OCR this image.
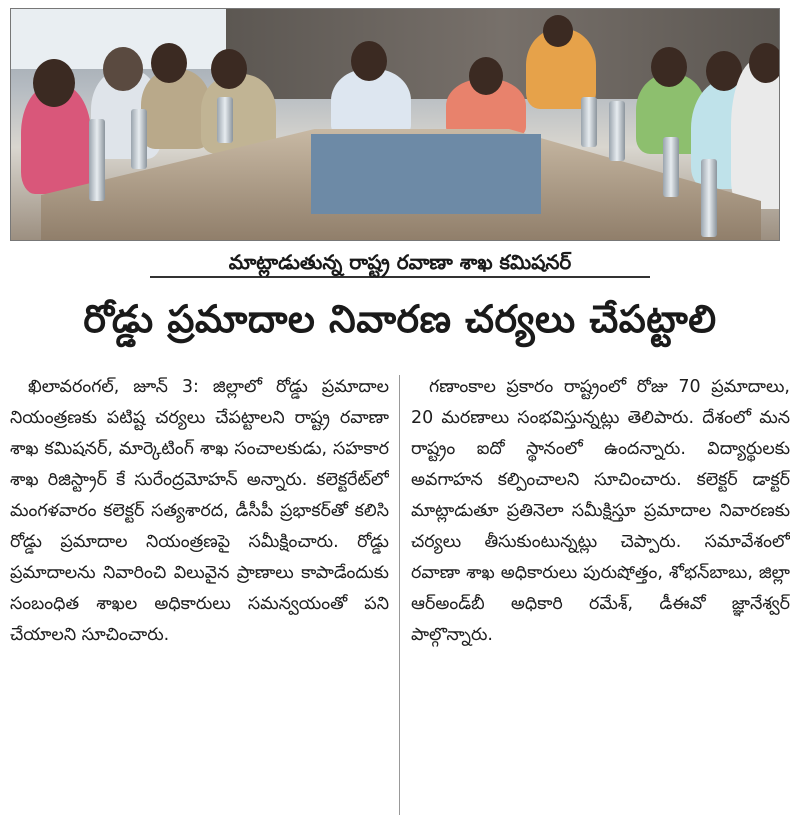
మాట్లాడుతున్న రాష్ట్ర రవాణా శాఖ కమిషనర్
రోడ్డు ప్రమాదాల నివారణ చర్యలు చేపట్టాలి

ఖిలావరంగల్, జూన్ 3: జిల్లాలో రోడ్డు ప్రమాదాల నియంత్రణకు పటిష్ట చర్యలు చేపట్టాలని రాష్ట్ర రవాణా శాఖ కమిషనర్, మార్కెటింగ్ శాఖ సంచాలకుడు, సహకార శాఖ రిజిస్ట్రార్ కే సురేంద్రమోహన్ అన్నారు. కలెక్టరేట్‌లో మంగళవారం కలెక్టర్ సత్యశారద, డీసీపీ ప్రభాకర్‌తో కలిసి రోడ్డు ప్రమాదాల నియంత్రణపై సమీక్షించారు. రోడ్డు ప్రమాదాలను నివారించి విలువైన ప్రాణాలు కాపాడేందుకు సంబంధిత శాఖల అధికారులు సమన్వయంతో పని చేయాలని సూచించారు.

గణాంకాల ప్రకారం రాష్ట్రంలో రోజు 70 ప్రమాదాలు, 20 మరణాలు సంభవిస్తున్నట్లు తెలిపారు. దేశంలో మన రాష్ట్రం ఐదో స్థానంలో ఉందన్నారు. విద్యార్థులకు అవగాహన కల్పించాలని సూచించారు. కలెక్టర్ డాక్టర్ మాట్లాడుతూ ప్రతినెలా సమీక్షిస్తూ ప్రమాదాల నివారణకు చర్యలు తీసుకుంటున్నట్లు చెప్పారు. సమావేశంలో రవాణా శాఖ అధికారులు పురుషోత్తం, శోభన్‌బాబు, జిల్లా ఆర్అండ్‌బీ అధికారి రమేశ్, డీఈవో జ్ఞానేశ్వర్ పాల్గొన్నారు.
